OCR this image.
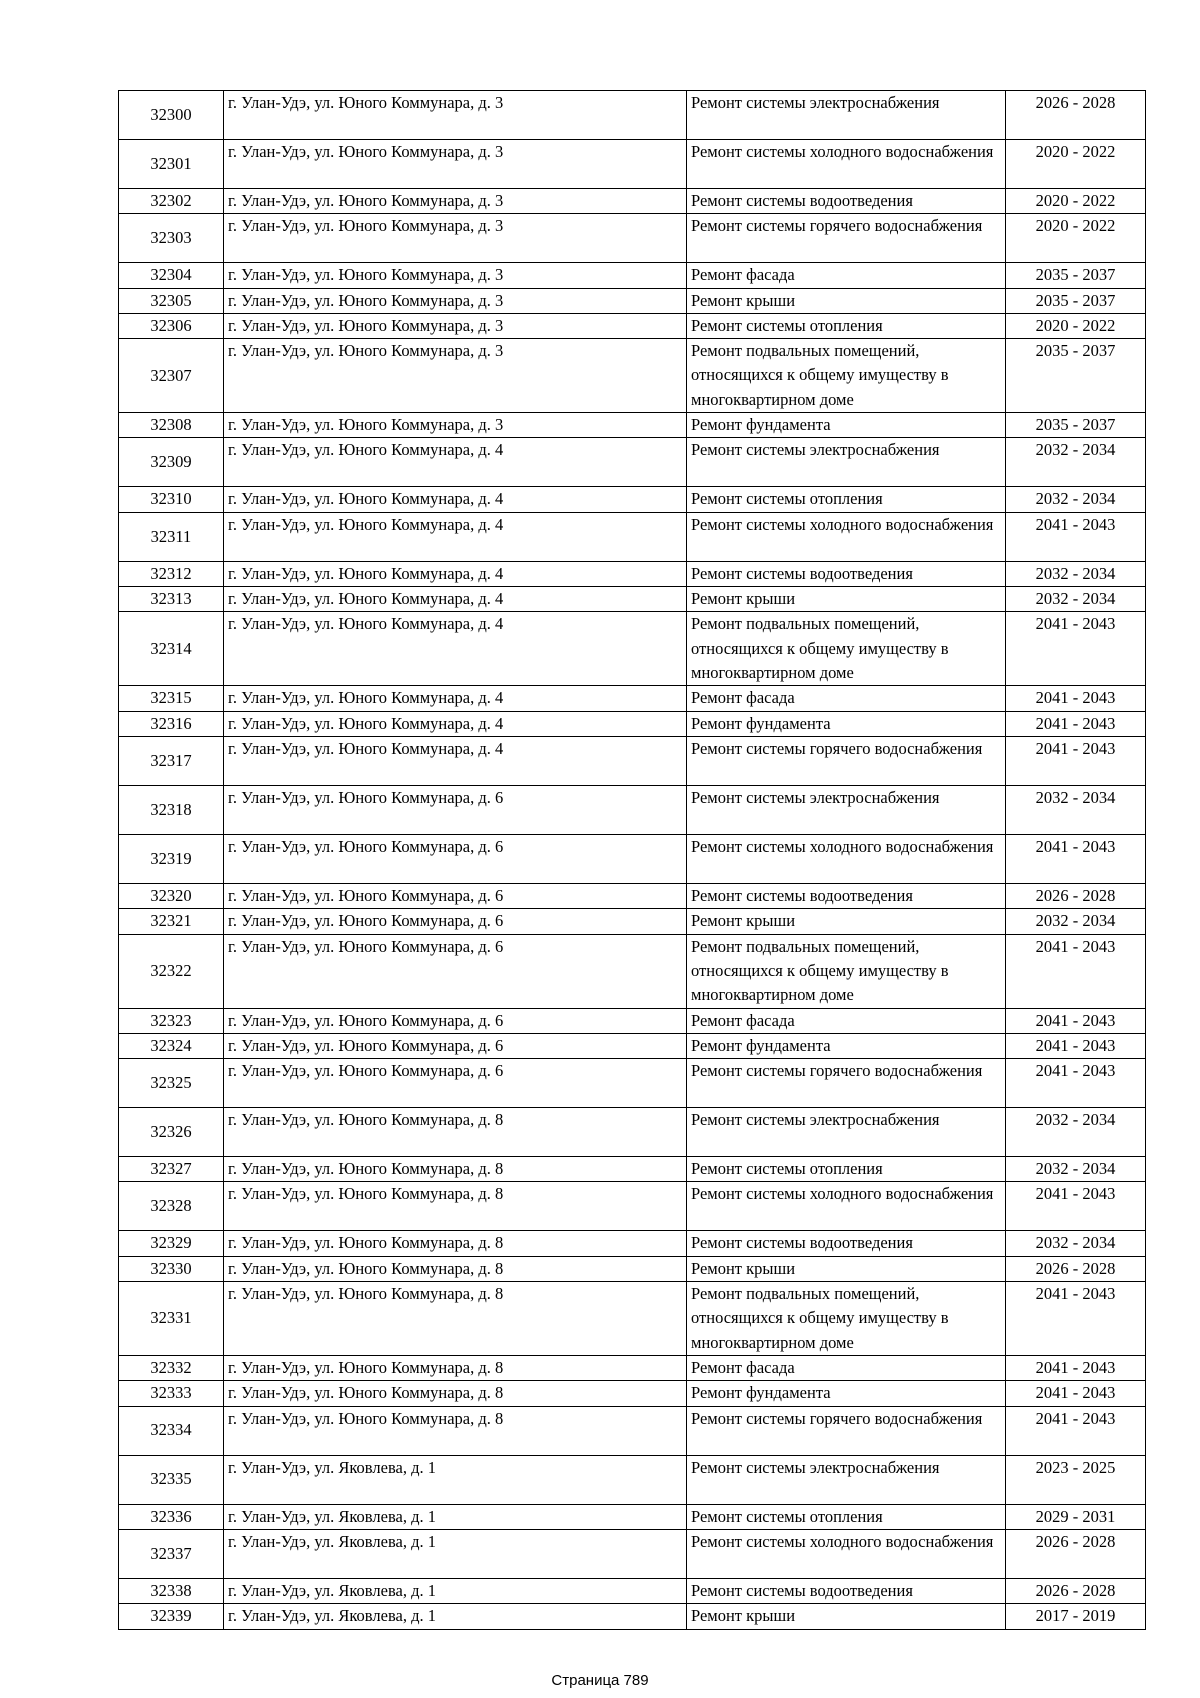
32300	г. Улан-Удэ, ул. Юного Коммунара, д. 3	Ремонт системы электроснабжения	2026 - 2028
32301	г. Улан-Удэ, ул. Юного Коммунара, д. 3	Ремонт системы холодного водоснабжения	2020 - 2022
32302	г. Улан-Удэ, ул. Юного Коммунара, д. 3	Ремонт системы водоотведения	2020 - 2022
32303	г. Улан-Удэ, ул. Юного Коммунара, д. 3	Ремонт системы горячего водоснабжения	2020 - 2022
32304	г. Улан-Удэ, ул. Юного Коммунара, д. 3	Ремонт фасада	2035 - 2037
32305	г. Улан-Удэ, ул. Юного Коммунара, д. 3	Ремонт крыши	2035 - 2037
32306	г. Улан-Удэ, ул. Юного Коммунара, д. 3	Ремонт системы отопления	2020 - 2022
32307	г. Улан-Удэ, ул. Юного Коммунара, д. 3	Ремонт подвальных помещений, относящихся к общему имуществу в многоквартирном доме	2035 - 2037
32308	г. Улан-Удэ, ул. Юного Коммунара, д. 3	Ремонт фундамента	2035 - 2037
32309	г. Улан-Удэ, ул. Юного Коммунара, д. 4	Ремонт системы электроснабжения	2032 - 2034
32310	г. Улан-Удэ, ул. Юного Коммунара, д. 4	Ремонт системы отопления	2032 - 2034
32311	г. Улан-Удэ, ул. Юного Коммунара, д. 4	Ремонт системы холодного водоснабжения	2041 - 2043
32312	г. Улан-Удэ, ул. Юного Коммунара, д. 4	Ремонт системы водоотведения	2032 - 2034
32313	г. Улан-Удэ, ул. Юного Коммунара, д. 4	Ремонт крыши	2032 - 2034
32314	г. Улан-Удэ, ул. Юного Коммунара, д. 4	Ремонт подвальных помещений, относящихся к общему имуществу в многоквартирном доме	2041 - 2043
32315	г. Улан-Удэ, ул. Юного Коммунара, д. 4	Ремонт фасада	2041 - 2043
32316	г. Улан-Удэ, ул. Юного Коммунара, д. 4	Ремонт фундамента	2041 - 2043
32317	г. Улан-Удэ, ул. Юного Коммунара, д. 4	Ремонт системы горячего водоснабжения	2041 - 2043
32318	г. Улан-Удэ, ул. Юного Коммунара, д. 6	Ремонт системы электроснабжения	2032 - 2034
32319	г. Улан-Удэ, ул. Юного Коммунара, д. 6	Ремонт системы холодного водоснабжения	2041 - 2043
32320	г. Улан-Удэ, ул. Юного Коммунара, д. 6	Ремонт системы водоотведения	2026 - 2028
32321	г. Улан-Удэ, ул. Юного Коммунара, д. 6	Ремонт крыши	2032 - 2034
32322	г. Улан-Удэ, ул. Юного Коммунара, д. 6	Ремонт подвальных помещений, относящихся к общему имуществу в многоквартирном доме	2041 - 2043
32323	г. Улан-Удэ, ул. Юного Коммунара, д. 6	Ремонт фасада	2041 - 2043
32324	г. Улан-Удэ, ул. Юного Коммунара, д. 6	Ремонт фундамента	2041 - 2043
32325	г. Улан-Удэ, ул. Юного Коммунара, д. 6	Ремонт системы горячего водоснабжения	2041 - 2043
32326	г. Улан-Удэ, ул. Юного Коммунара, д. 8	Ремонт системы электроснабжения	2032 - 2034
32327	г. Улан-Удэ, ул. Юного Коммунара, д. 8	Ремонт системы отопления	2032 - 2034
32328	г. Улан-Удэ, ул. Юного Коммунара, д. 8	Ремонт системы холодного водоснабжения	2041 - 2043
32329	г. Улан-Удэ, ул. Юного Коммунара, д. 8	Ремонт системы водоотведения	2032 - 2034
32330	г. Улан-Удэ, ул. Юного Коммунара, д. 8	Ремонт крыши	2026 - 2028
32331	г. Улан-Удэ, ул. Юного Коммунара, д. 8	Ремонт подвальных помещений, относящихся к общему имуществу в многоквартирном доме	2041 - 2043
32332	г. Улан-Удэ, ул. Юного Коммунара, д. 8	Ремонт фасада	2041 - 2043
32333	г. Улан-Удэ, ул. Юного Коммунара, д. 8	Ремонт фундамента	2041 - 2043
32334	г. Улан-Удэ, ул. Юного Коммунара, д. 8	Ремонт системы горячего водоснабжения	2041 - 2043
32335	г. Улан-Удэ, ул. Яковлева, д. 1	Ремонт системы электроснабжения	2023 - 2025
32336	г. Улан-Удэ, ул. Яковлева, д. 1	Ремонт системы отопления	2029 - 2031
32337	г. Улан-Удэ, ул. Яковлева, д. 1	Ремонт системы холодного водоснабжения	2026 - 2028
32338	г. Улан-Удэ, ул. Яковлева, д. 1	Ремонт системы водоотведения	2026 - 2028
32339	г. Улан-Удэ, ул. Яковлева, д. 1	Ремонт крыши	2017 - 2019
Страница 789
